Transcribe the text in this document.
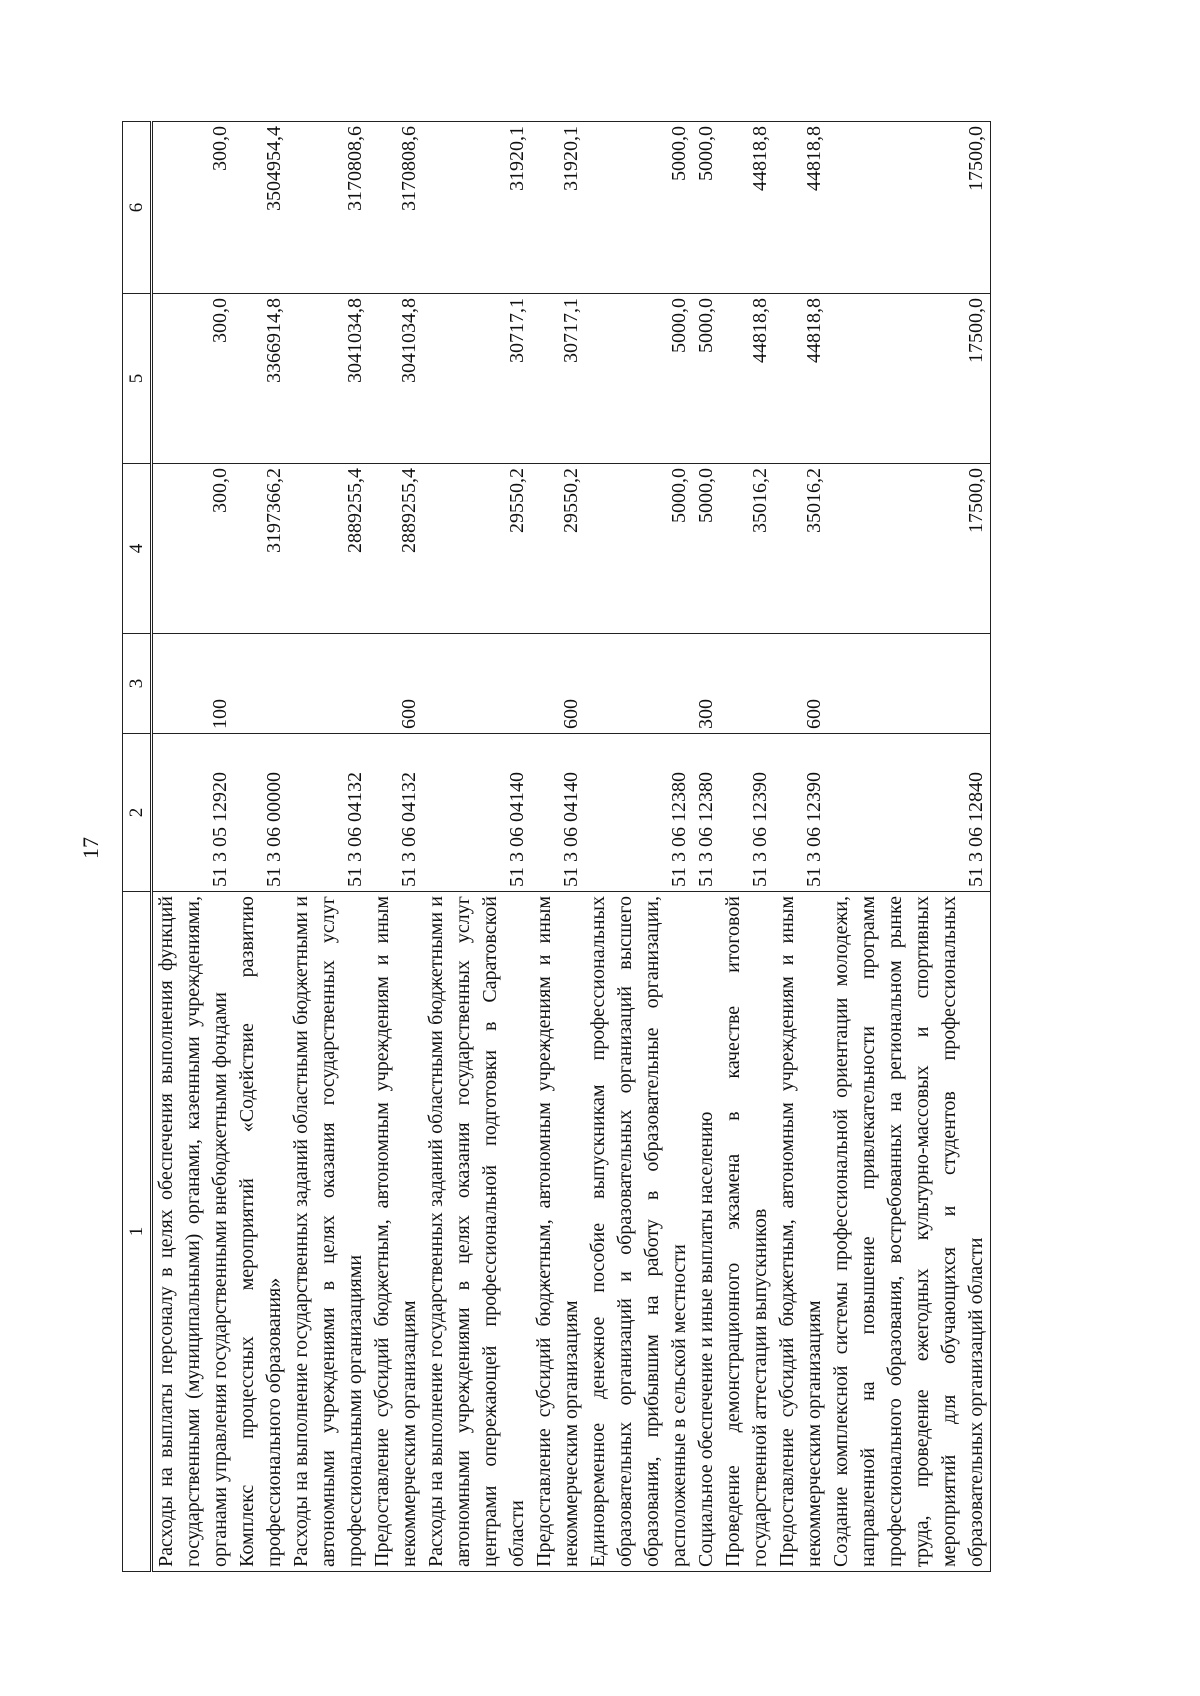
17
1	2	3	4	5	6
Расходы на выплаты персоналу в целях обеспечения выполнения функций государственными (муниципальными) органами, казенными учреждениями, органами управления государственными внебюджетными фондами	51 3 05 12920	100	300,0	300,0	300,0
Комплекс процессных мероприятий «Содействие развитию профессионального образования»	51 3 06 00000		3197366,2	3366914,8	3504954,4
Расходы на выполнение государственных заданий областными бюджетными и автономными учреждениями в целях оказания государственных услуг профессиональными организациями	51 3 06 04132		2889255,4	3041034,8	3170808,6
Предоставление субсидий бюджетным, автономным учреждениям и иным некоммерческим организациям	51 3 06 04132	600	2889255,4	3041034,8	3170808,6
Расходы на выполнение государственных заданий областными бюджетными и автономными учреждениями в целях оказания государственных услуг центрами опережающей профессиональной подготовки в Саратовской области	51 3 06 04140		29550,2	30717,1	31920,1
Предоставление субсидий бюджетным, автономным учреждениям и иным некоммерческим организациям	51 3 06 04140	600	29550,2	30717,1	31920,1
Единовременное денежное пособие выпускникам профессиональных образовательных организаций и образовательных организаций высшего образования, прибывшим на работу в образовательные организации, расположенные в сельской местности	51 3 06 12380		5000,0	5000,0	5000,0
Социальное обеспечение и иные выплаты населению	51 3 06 12380	300	5000,0	5000,0	5000,0
Проведение демонстрационного экзамена в качестве итоговой государственной аттестации выпускников	51 3 06 12390		35016,2	44818,8	44818,8
Предоставление субсидий бюджетным, автономным учреждениям и иным некоммерческим организациям	51 3 06 12390	600	35016,2	44818,8	44818,8
Создание комплексной системы профессиональной ориентации молодежи, направленной на повышение привлекательности программ профессионального образования, востребованных на региональном рынке труда, проведение ежегодных культурно-массовых и спортивных мероприятий для обучающихся и студентов профессиональных образовательных организаций области	51 3 06 12840		17500,0	17500,0	17500,0
